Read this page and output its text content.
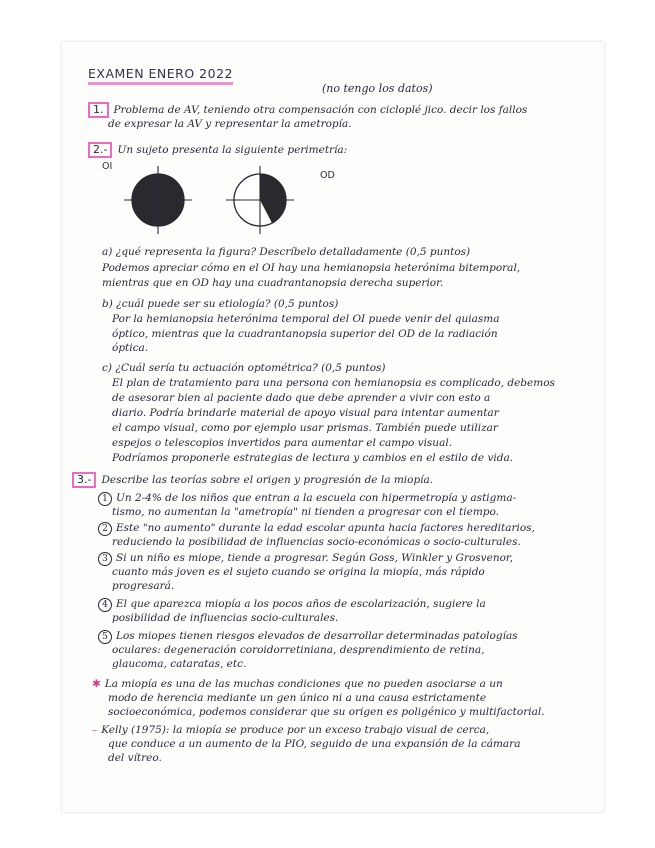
EXAMEN ENERO 2022
(no tengo los datos)
1. Problema de AV, teniendo otra compensación con cicloplé jico. decir los fallos
de expresar la AV y representar la ametropía.
2.- Un sujeto presenta la siguiente perimetría:
OI
OD
a) ¿qué representa la figura? Descríbelo detalladamente (0,5 puntos)
Podemos apreciar cómo en el OI hay una hemianopsia heterónima bitemporal,
mientras que en OD hay una cuadrantanopsia derecha superior.
b) ¿cuál puede ser su etiología? (0,5 puntos)
Por la hemianopsia heterónima temporal del OI puede venir del quiasma
óptico, mientras que la cuadrantanopsia superior del OD de la radiación
óptica.
c) ¿Cuál sería tu actuación optométrica? (0,5 puntos)
El plan de tratamiento para una persona con hemianopsia es complicado, debemos
de asesorar bien al paciente dado que debe aprender a vivir con esto a
diario. Podría brindarle material de apoyo visual para intentar aumentar
el campo visual, como por ejemplo usar prismas. También puede utilizar
espejos o telescopios invertidos para aumentar el campo visual.
Podríamos proponerle estrategias de lectura y cambios en el estilo de vida.
3.- Describe las teorías sobre el origen y progresión de la miopía.
1 Un 2-4% de los niños que entran a la escuela con hipermetropía y astigma-
tismo, no aumentan la "ametropía" ni tienden a progresar con el tiempo.
2 Este "no aumento" durante la edad escolar apunta hacia factores hereditarios,
reduciendo la posibilidad de influencias socio-económicas o socio-culturales.
3 Si un niño es miope, tiende a progresar. Según Goss, Winkler y Grosvenor,
cuanto más joven es el sujeto cuando se origina la miopía, más rápido
progresará.
4 El que aparezca miopía a los pocos años de escolarización, sugiere la
posibilidad de influencias socio-culturales.
5 Los miopes tienen riesgos elevados de desarrollar determinadas patologías
oculares: degeneración coroidorretiniana, desprendimiento de retina,
glaucoma, cataratas, etc.
✱ La miopía es una de las muchas condiciones que no pueden asociarse a un
modo de herencia mediante un gen único ni a una causa estrictamente
socioeconómica, podemos considerar que su origen es poligénico y multifactorial.
– Kelly (1975): la miopía se produce por un exceso trabajo visual de cerca,
que conduce a un aumento de la PIO, seguido de una expansión de la cámara
del vítreo.
